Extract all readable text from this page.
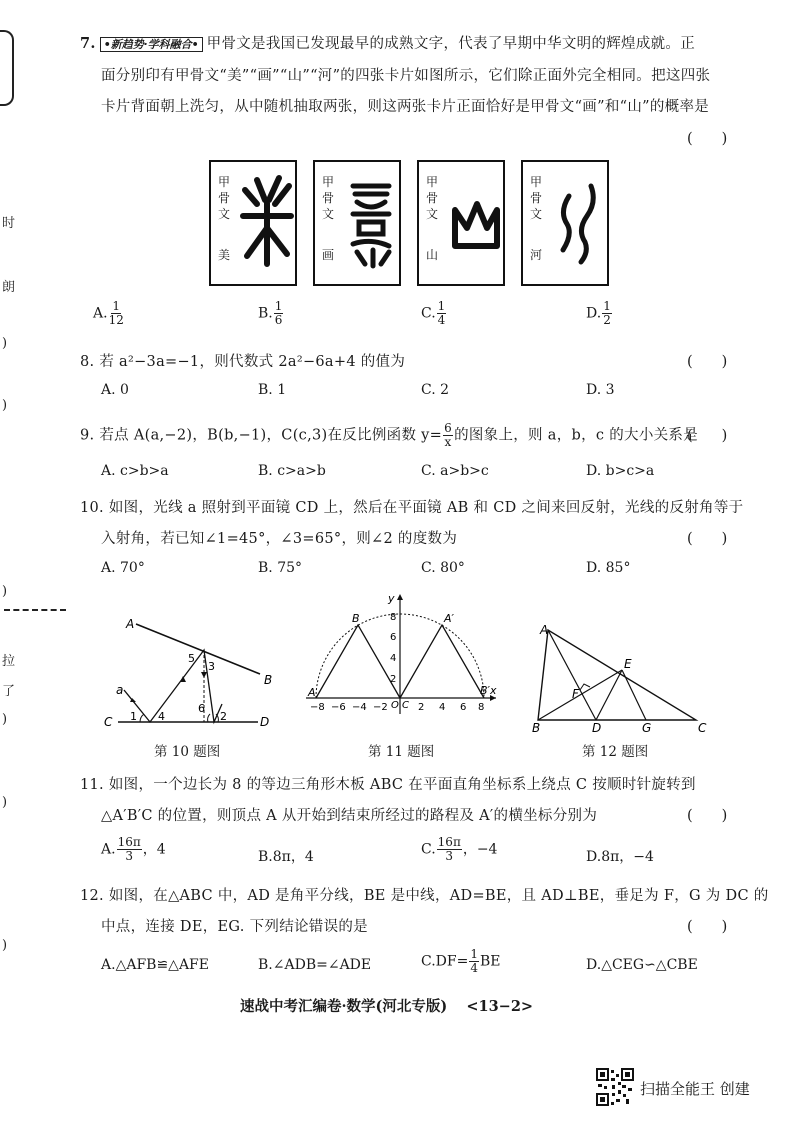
时
朗
)
)
)
拉
了
)
)
)
7. •新趋势·学科融合• 甲骨文是我国已发现最早的成熟文字，代表了早期中华文明的辉煌成就。正
面分别印有甲骨文“美”“画”“山”“河”的四张卡片如图所示，它们除正面外完全相同。把这四张
卡片背面朝上洗匀，从中随机抽取两张，则这两张卡片正面恰好是甲骨文“画”和“山”的概率是
(　　)
甲骨文
美
甲骨文
画
甲骨文
山
甲骨文
河
A. $\frac{1}{12}$	B. $\frac{1}{6}$	C. $\frac{1}{4}$	D. $\frac{1}{2}$
8. 若 a²−3a=−1，则代数式 2a²−6a+4 的值为	(　　)
A. 0	B. 1	C. 2	D. 3
9. 若点 A(a,−2)，B(b,−1)，C(c,3)在反比例函数 $y= \frac{6}{x}$ 的图象上，则 a，b，c 的大小关系是
(　　)
A. c>b>a	B. c>a>b	C. a>b>c	D. b>c>a
10. 如图，光线 a 照射到平面镜 CD 上，然后在平面镜 AB 和 CD 之间来回反射，光线的反射角等于
入射角，若已知∠1=45°，∠3=65°，则∠2 的度数为	(　　)
A. 70°	B. 75°	C. 80°	D. 85°
A
B
C	D
a
1	2
3
4
5
6
第 10 题图
y
A
B	A′
B′
C
O
x
−8 −6 −4 −2	2 4 6 8
8
6
4
2
第 11 题图
A
B	C
D
E
F
G
第 12 题图
11. 如图，一个边长为 8 的等边三角形木板 ABC 在平面直角坐标系上绕点 C 按顺时针旋转到
△A′B′C 的位置，则顶点 A 从开始到结束所经过的路程及 A′的横坐标分别为	(　　)
A. $\frac{16\pi}{3}$ ，4	B.8π，4	C. $\frac{16\pi}{3}$ ，−4	D.8π，−4
12. 如图，在△ABC 中，AD 是角平分线，BE 是中线，AD=BE，且 AD⊥BE，垂足为 F，G 为 DC 的
中点，连接 DE，EG. 下列结论错误的是	(　　)
A.△AFB≌△AFE	B.∠ADB=∠ADE	$C.DF= \frac{1}{4}$ BE	D.△CEG∽△CBE
速战中考汇编卷·数学(河北专版) <13−2>
扫描全能王 创建
